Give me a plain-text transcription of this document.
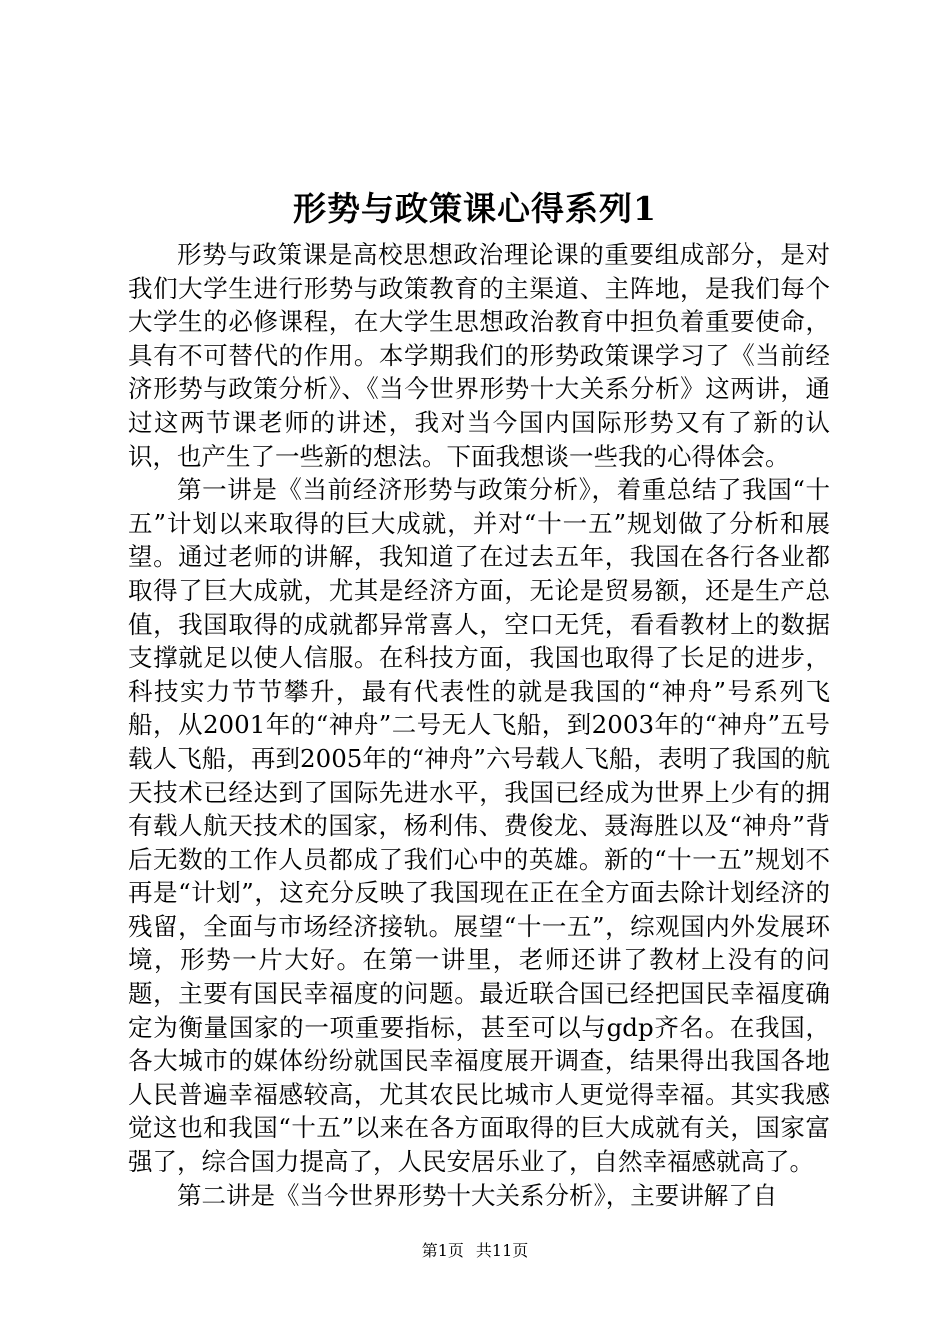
形势与政策课心得系列1

形势与政策课是高校思想政治理论课的重要组成部分，是对我们大学生进行形势与政策教育的主渠道、主阵地，是我们每个大学生的必修课程，在大学生思想政治教育中担负着重要使命，具有不可替代的作用。本学期我们的形势政策课学习了《当前经济形势与政策分析》、《当今世界形势十大关系分析》这两讲，通过这两节课老师的讲述，我对当今国内国际形势又有了新的认识，也产生了一些新的想法。下面我想谈一些我的心得体会。

第一讲是《当前经济形势与政策分析》，着重总结了我国“十五”计划以来取得的巨大成就，并对“十一五”规划做了分析和展望。通过老师的讲解，我知道了在过去五年，我国在各行各业都取得了巨大成就，尤其是经济方面，无论是贸易额，还是生产总值，我国取得的成就都异常喜人，空口无凭，看看教材上的数据支撑就足以使人信服。在科技方面，我国也取得了长足的进步，科技实力节节攀升，最有代表性的就是我国的“神舟”号系列飞船，从2001年的“神舟”二号无人飞船，到2003年的“神舟”五号载人飞船，再到2005年的“神舟”六号载人飞船，表明了我国的航天技术已经达到了国际先进水平，我国已经成为世界上少有的拥有载人航天技术的国家，杨利伟、费俊龙、聂海胜以及“神舟”背后无数的工作人员都成了我们心中的英雄。新的“十一五”规划不再是“计划”，这充分反映了我国现在正在全方面去除计划经济的残留，全面与市场经济接轨。展望“十一五”，综观国内外发展环境，形势一片大好。在第一讲里，老师还讲了教材上没有的问题，主要有国民幸福度的问题。最近联合国已经把国民幸福度确定为衡量国家的一项重要指标，甚至可以与gdp齐名。在我国，各大城市的媒体纷纷就国民幸福度展开调查，结果得出我国各地人民普遍幸福感较高，尤其农民比城市人更觉得幸福。其实我感觉这也和我国“十五”以来在各方面取得的巨大成就有关，国家富强了，综合国力提高了，人民安居乐业了，自然幸福感就高了。

第二讲是《当今世界形势十大关系分析》，主要讲解了自

第1页 共11页
